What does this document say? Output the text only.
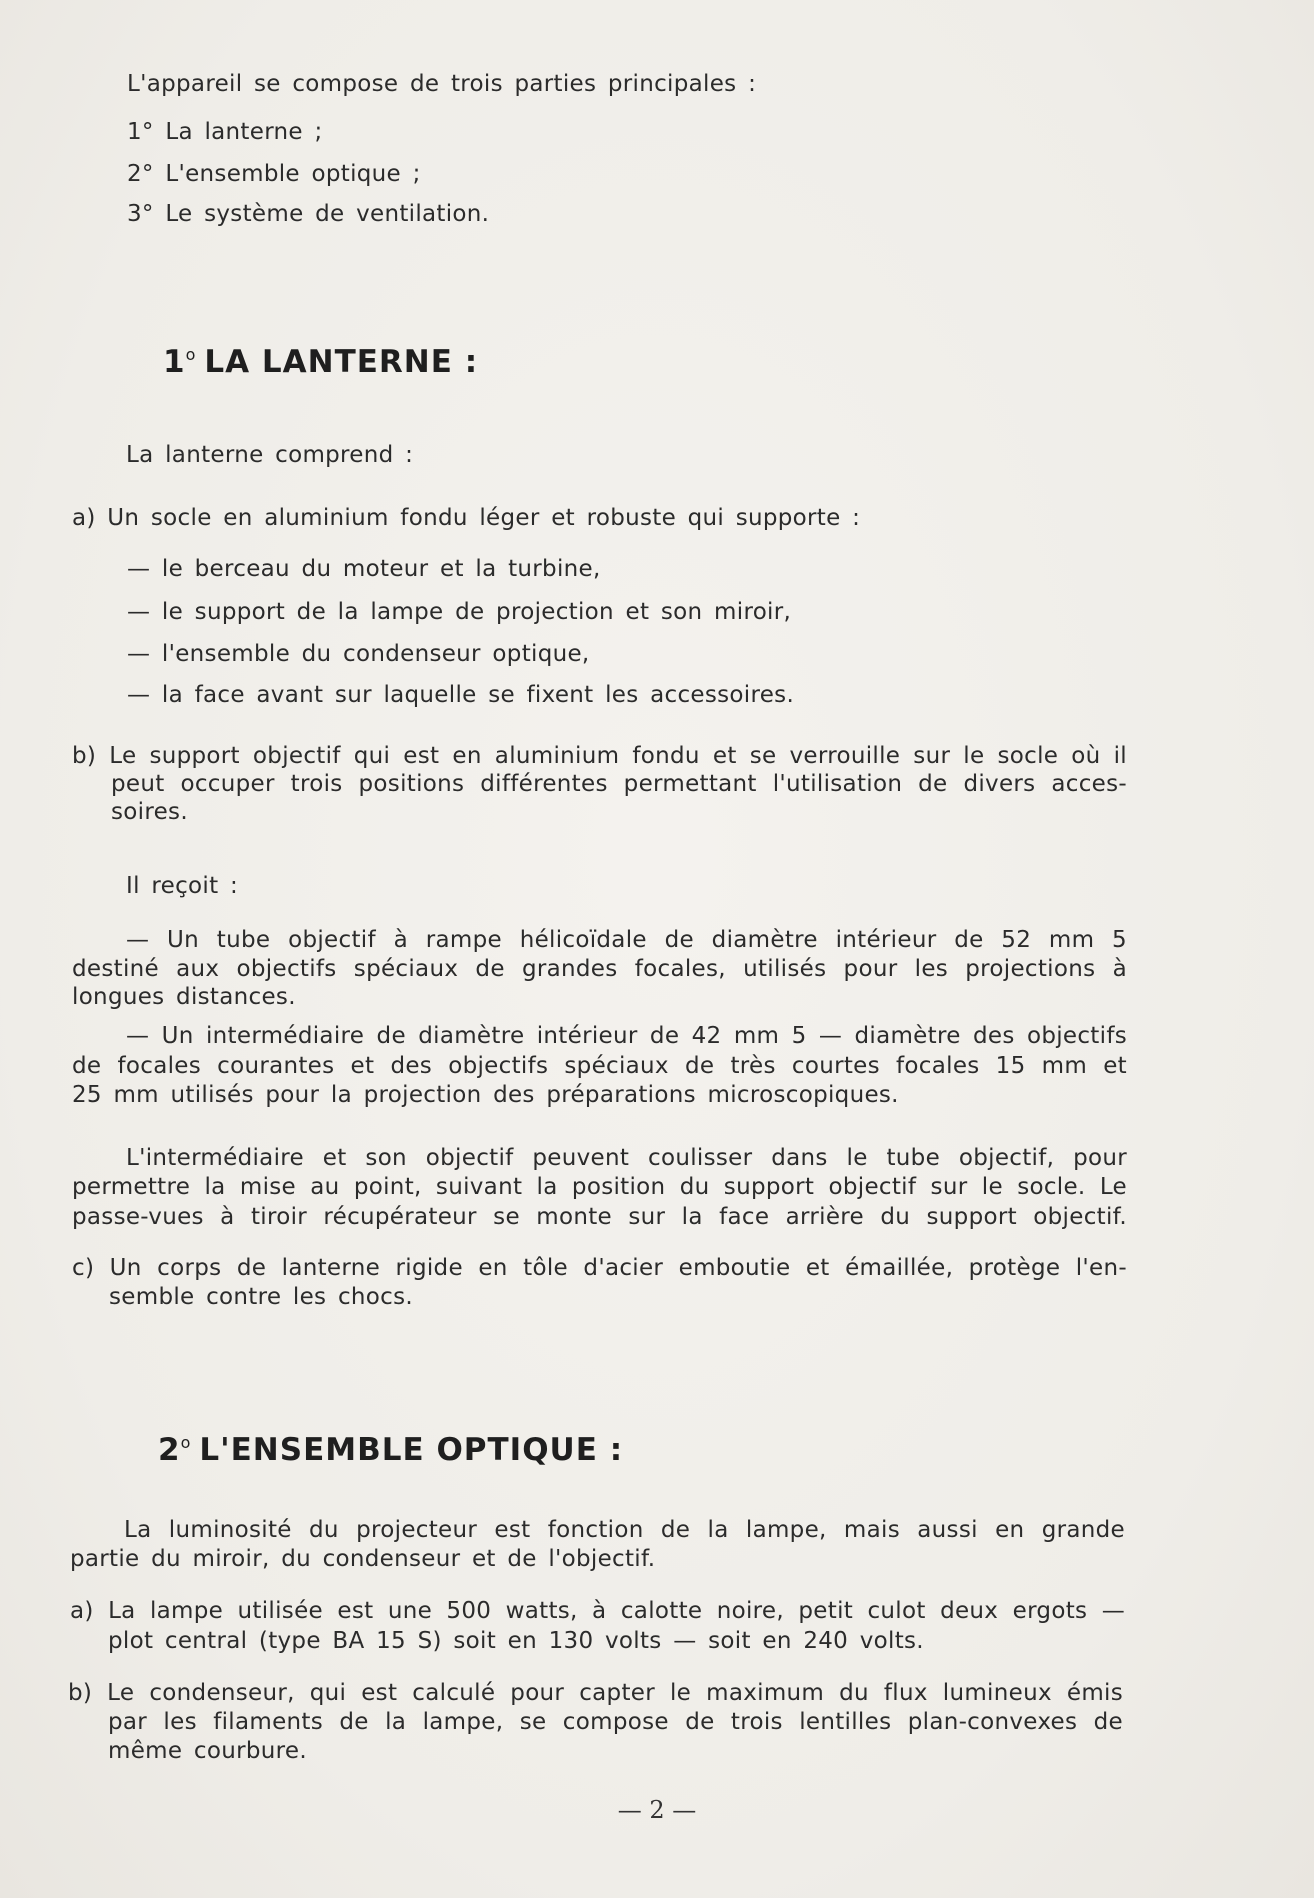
L'appareil se compose de trois parties principales :
1° La lanterne ;
2° L'ensemble optique ;
3° Le système de ventilation.
1$^o$ LA LANTERNE :
La lanterne comprend :
a) Un socle en aluminium fondu léger et robuste qui supporte :
— le berceau du moteur et la turbine,
— le support de la lampe de projection et son miroir,
— l'ensemble du condenseur optique,
— la face avant sur laquelle se fixent les accessoires.
b) Le support objectif qui est en aluminium fondu et se verrouille sur le socle où il
peut occuper trois positions différentes permettant l'utilisation de divers acces-
soires.
Il reçoit :
— Un tube objectif à rampe hélicoïdale de diamètre intérieur de 52 mm 5
destiné aux objectifs spéciaux de grandes focales, utilisés pour les projections à
longues distances.
— Un intermédiaire de diamètre intérieur de 42 mm 5 — diamètre des objectifs
de focales courantes et des objectifs spéciaux de très courtes focales 15 mm et
25 mm utilisés pour la projection des préparations microscopiques.
L'intermédiaire et son objectif peuvent coulisser dans le tube objectif, pour
permettre la mise au point, suivant la position du support objectif sur le socle. Le
passe-vues à tiroir récupérateur se monte sur la face arrière du support objectif.
c) Un corps de lanterne rigide en tôle d'acier emboutie et émaillée, protège l'en-
semble contre les chocs.
2$^o$ L'ENSEMBLE OPTIQUE :
La luminosité du projecteur est fonction de la lampe, mais aussi en grande
partie du miroir, du condenseur et de l'objectif.
a) La lampe utilisée est une 500 watts, à calotte noire, petit culot deux ergots —
plot central (type BA 15 S) soit en 130 volts — soit en 240 volts.
b) Le condenseur, qui est calculé pour capter le maximum du flux lumineux émis
par les filaments de la lampe, se compose de trois lentilles plan-convexes de
même courbure.
— 2 —
